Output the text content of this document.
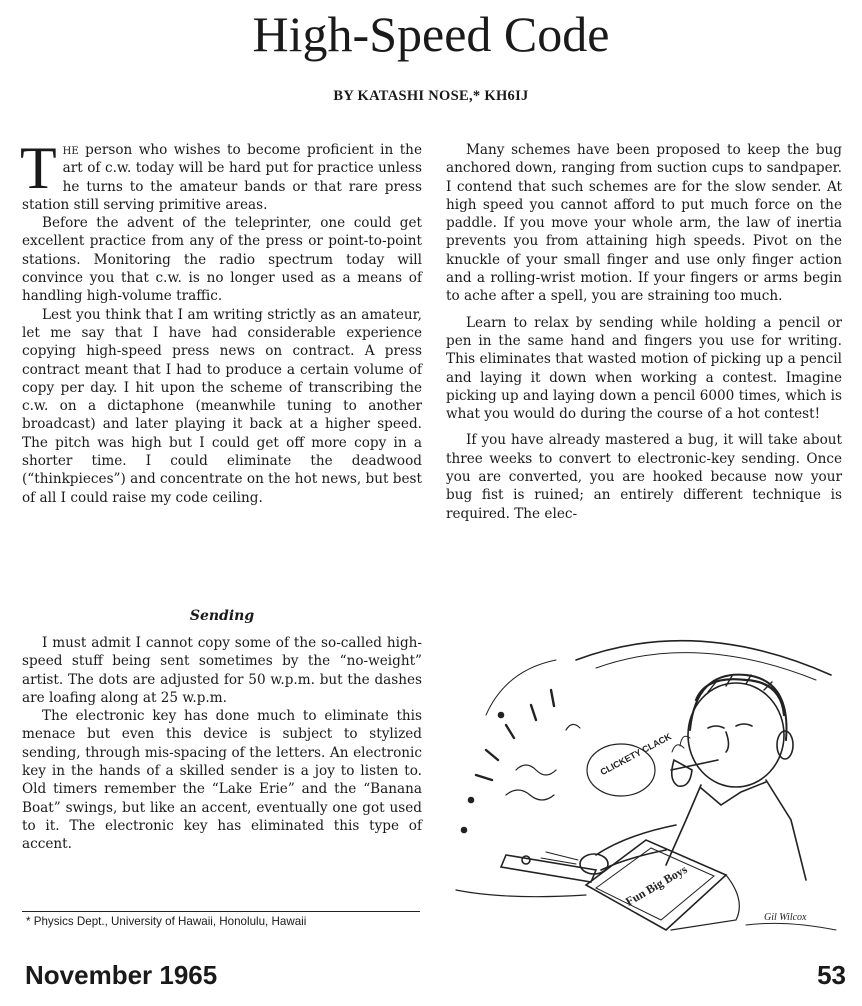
High-Speed Code
BY KATASHI NOSE,* KH6IJ

The person who wishes to become proficient in the art of c.w. today will be hard put for practice unless he turns to the amateur bands or that rare press station still serving primitive areas.

Before the advent of the teleprinter, one could get excellent practice from any of the press or point-to-point stations. Monitoring the radio spectrum today will convince you that c.w. is no longer used as a means of handling high-volume traffic.

Lest you think that I am writing strictly as an amateur, let me say that I have had considerable experience copying high-speed press news on contract. A press contract meant that I had to produce a certain volume of copy per day. I hit upon the scheme of transcribing the c.w. on a dictaphone (meanwhile tuning to another broadcast) and later playing it back at a higher speed. The pitch was high but I could get off more copy in a shorter time. I could eliminate the deadwood (“thinkpieces”) and concentrate on the hot news, but best of all I could raise my code ceiling.

Sending

I must admit I cannot copy some of the so-called high-speed stuff being sent sometimes by the “no-weight” artist. The dots are adjusted for 50 w.p.m. but the dashes are loafing along at 25 w.p.m.

The electronic key has done much to eliminate this menace but even this device is subject to stylized sending, through mis-spacing of the letters. An electronic key in the hands of a skilled sender is a joy to listen to. Old timers remember the “Lake Erie” and the “Banana Boat” swings, but like an accent, eventually one got used to it. The electronic key has eliminated this type of accent.

* Physics Dept., University of Hawaii, Honolulu, Hawaii

Many schemes have been proposed to keep the bug anchored down, ranging from suction cups to sandpaper. I contend that such schemes are for the slow sender. At high speed you cannot afford to put much force on the paddle. If you move your whole arm, the law of inertia prevents you from attaining high speeds. Pivot on the knuckle of your small finger and use only finger action and a rolling-wrist motion. If your fingers or arms begin to ache after a spell, you are straining too much.

Learn to relax by sending while holding a pencil or pen in the same hand and fingers you use for writing. This eliminates that wasted motion of picking up a pencil and laying it down when working a contest. Imagine picking up and laying down a pencil 6000 times, which is what you would do during the course of a hot contest!

If you have already mastered a bug, it will take about three weeks to convert to electronic-key sending. Once you are converted, you are hooked because now your bug fist is ruined; an entirely different technique is required. The elec-

CLICKETY CLACK
Fun Big Boys
Gil Wilcox
November 1965	53
